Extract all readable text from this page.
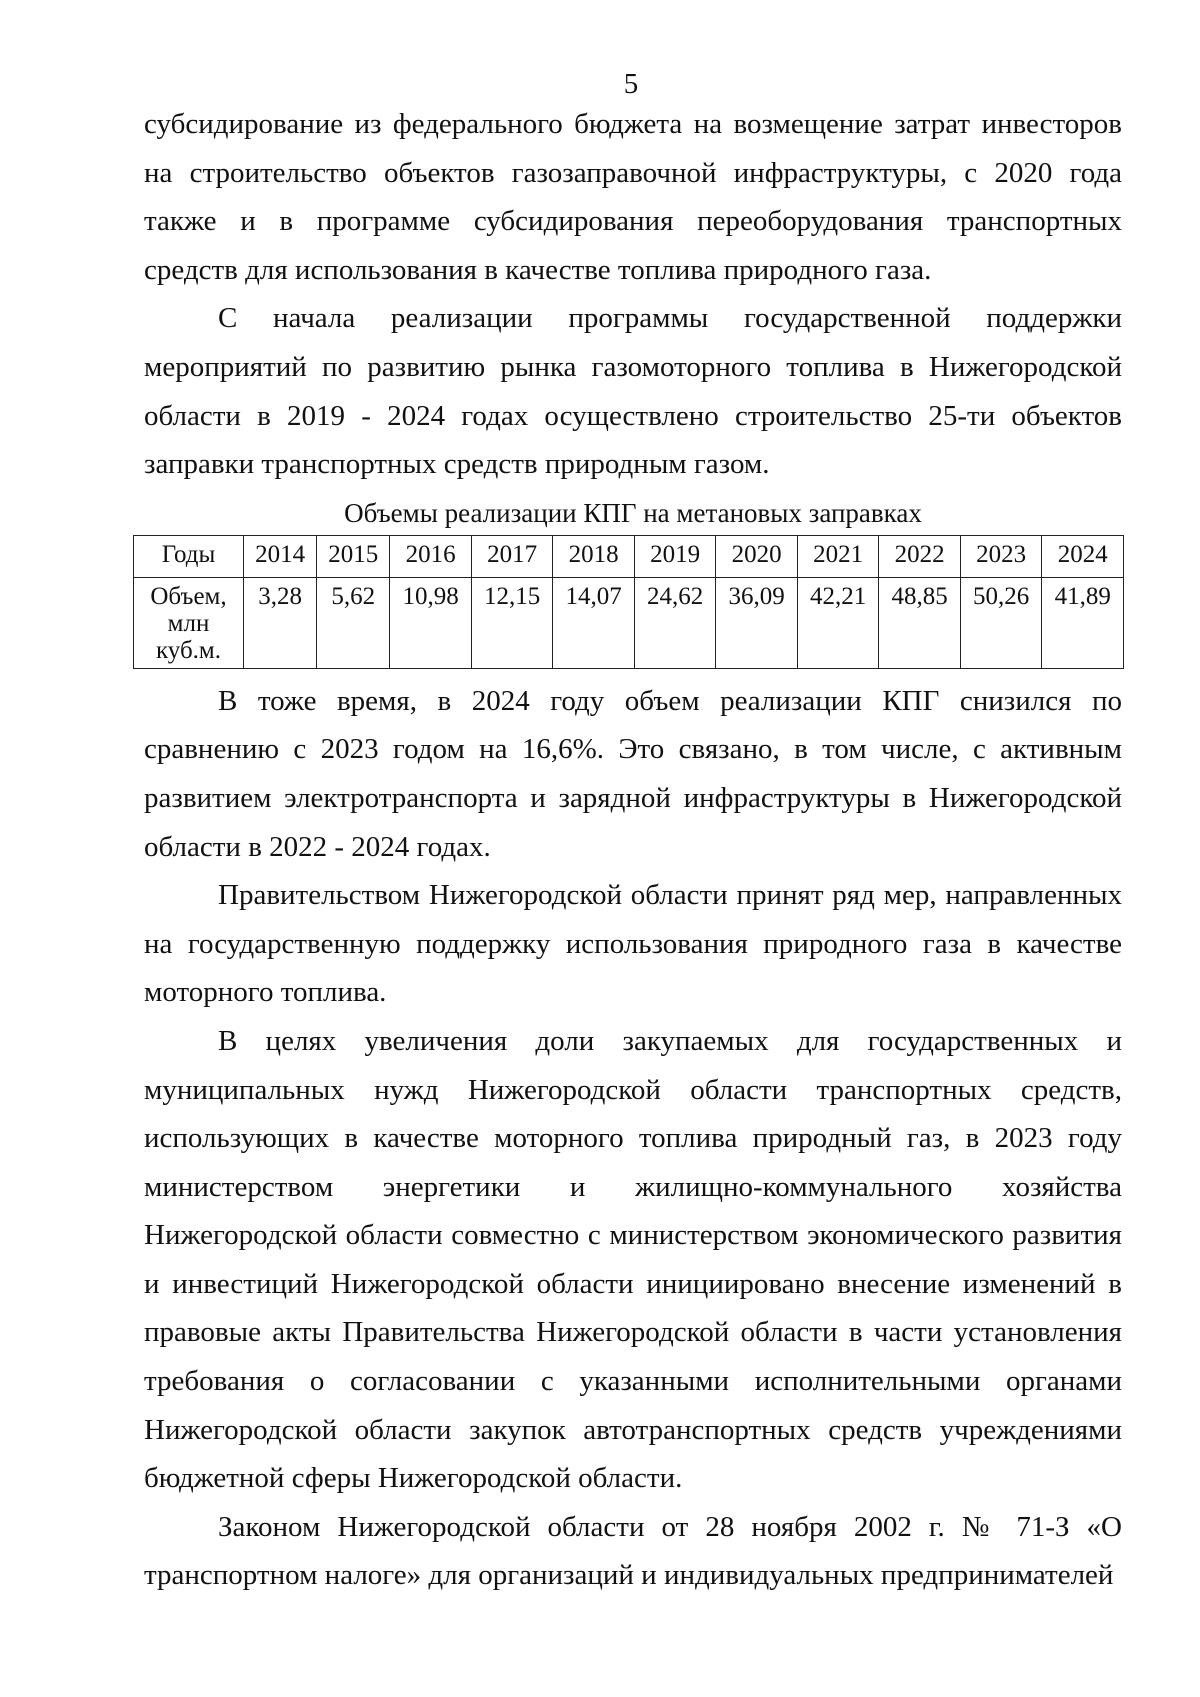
5

субсидирование из федерального бюджета на возмещение затрат инвесторов на строительство объектов газозаправочной инфраструктуры, с 2020 года также и в программе субсидирования переоборудования транспортных средств для использования в качестве топлива природного газа.

С начала реализации программы государственной поддержки мероприятий по развитию рынка газомоторного топлива в Нижегородской области в 2019 - 2024 годах осуществлено строительство 25-ти объектов заправки транспортных средств природным газом.

Объемы реализации КПГ на метановых заправках

Годы	2014	2015	2016	2017	2018	2019	2020	2021	2022	2023	2024
Объем, млн куб.м.	3,28	5,62	10,98	12,15	14,07	24,62	36,09	42,21	48,85	50,26	41,89

В тоже время, в 2024 году объем реализации КПГ снизился по сравнению с 2023 годом на 16,6%. Это связано, в том числе, с активным развитием электротранспорта и зарядной инфраструктуры в Нижегородской области в 2022 - 2024 годах.

Правительством Нижегородской области принят ряд мер, направленных на государственную поддержку использования природного газа в качестве моторного топлива.

В целях увеличения доли закупаемых для государственных и муниципальных нужд Нижегородской области транспортных средств, использующих в качестве моторного топлива природный газ, в 2023 году министерством энергетики и жилищно-коммунального хозяйства Нижегородской области совместно с министерством экономического развития и инвестиций Нижегородской области инициировано внесение изменений в правовые акты Правительства Нижегородской области в части установления требования о согласовании с указанными исполнительными органами Нижегородской области закупок автотранспортных средств учреждениями бюджетной сферы Нижегородской области.

Законом Нижегородской области от 28 ноября 2002 г. № 71-З «О транспортном налоге» для организаций и индивидуальных предпринимателей
